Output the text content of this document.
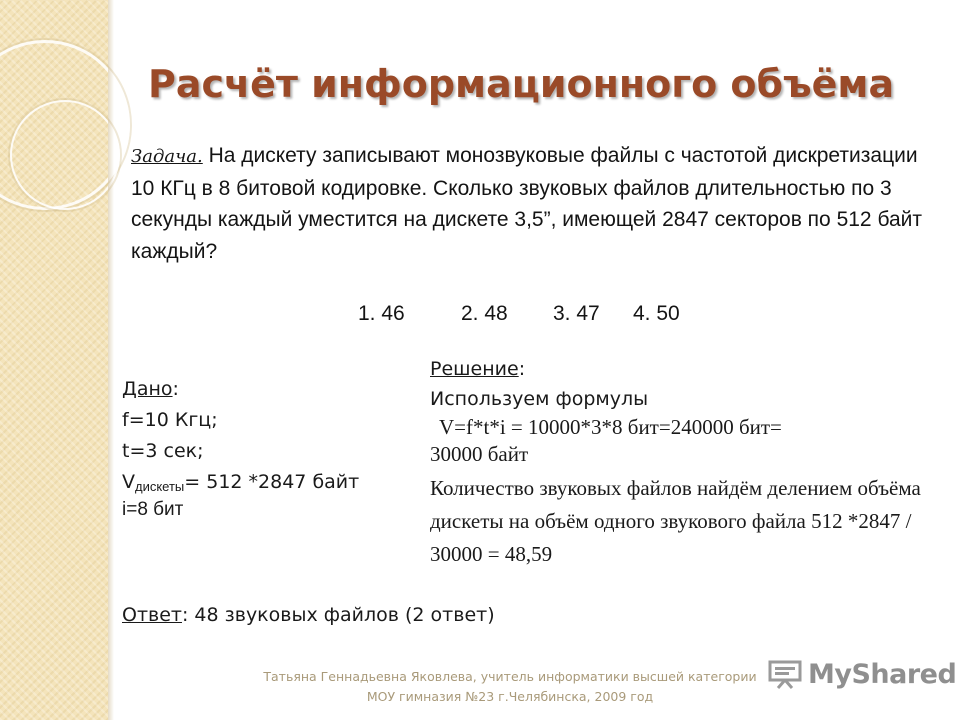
Расчёт информационного объёма
Задача. На дискету записывают монозвуковые файлы с частотой дискретизации 10 КГц в 8 битовой кодировке. Сколько звуковых файлов длительностью по 3 секунды каждый уместится на дискете 3,5”, имеющей 2847 секторов по 512 байт каждый?
1. 46	2. 48 3. 47 4. 50
Дано:
f=10 Кгц;
t=3 сек;
Vдискеты= 512 *2847 байт
i=8 бит
Решение:
Используем формулы
V=f*t*i = 10000*3*8 бит=240000 бит=
30000 байт
Количество звуковых файлов найдём делением объёма дискеты на объём одного звукового файла 512 *2847 / 30000 = 48,59
Ответ: 48 звуковых файлов (2 ответ)
Татьяна Геннадьевна Яковлева, учитель информатики высшей категории
МОУ гимназия №23 г.Челябинска, 2009 год
MyShared
